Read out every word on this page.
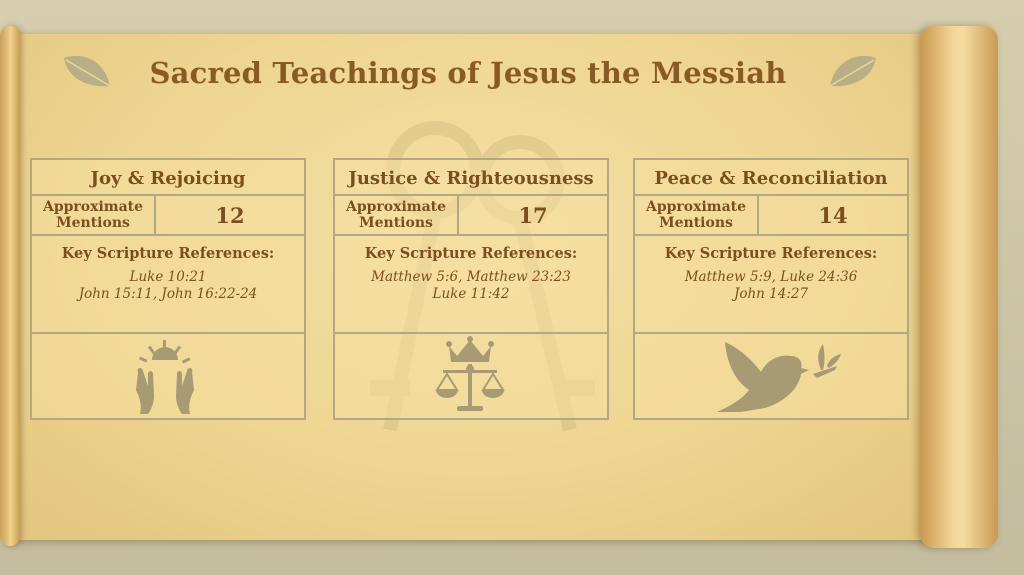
Sacred Teachings of Jesus the Messiah
Joy & Rejoicing
Approximate
Mentions	12
Key Scripture References:
Luke 10:21
John 15:11, John 16:22-24
Justice & Righteousness
Approximate
Mentions	17
Key Scripture References:
Matthew 5:6, Matthew 23:23
Luke 11:42
Peace & Reconciliation
Approximate
Mentions	14
Key Scripture References:
Matthew 5:9, Luke 24:36
John 14:27
